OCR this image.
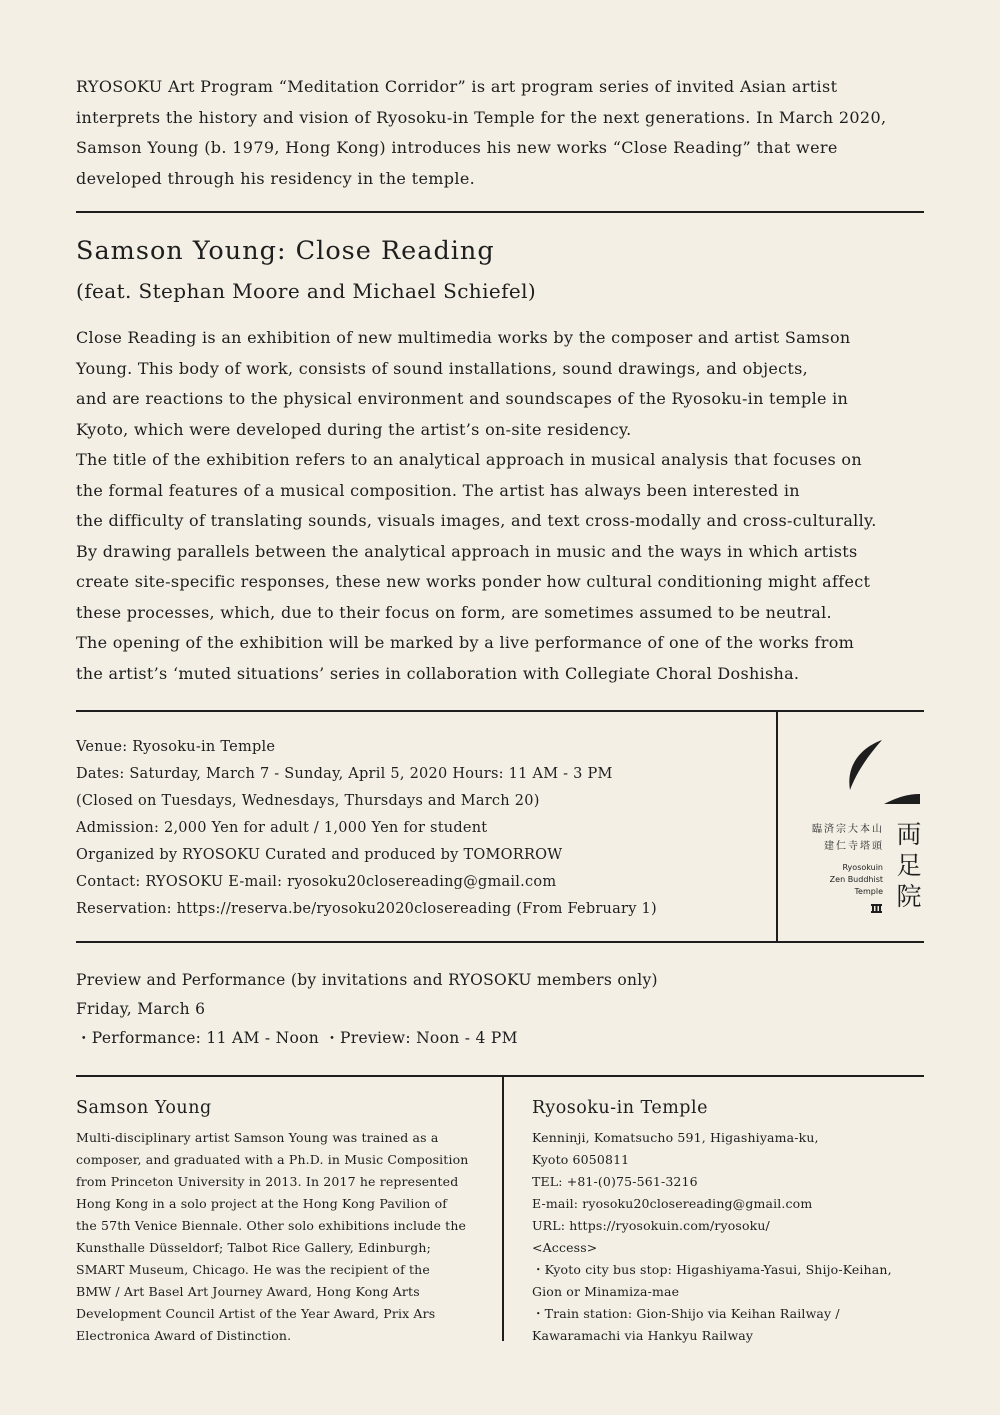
RYOSOKU Art Program “Meditation Corridor” is art program series of invited Asian artist

interprets the history and vision of Ryosoku-in Temple for the next generations. In March 2020,

Samson Young (b. 1979, Hong Kong) introduces his new works “Close Reading” that were

developed through his residency in the temple.

Samson Young: Close Reading
(feat. Stephan Moore and Michael Schiefel)

Close Reading is an exhibition of new multimedia works by the composer and artist Samson

Young. This body of work, consists of sound installations, sound drawings, and objects,

and are reactions to the physical environment and soundscapes of the Ryosoku-in temple in

Kyoto, which were developed during the artist’s on-site residency.

The title of the exhibition refers to an analytical approach in musical analysis that focuses on

the formal features of a musical composition. The artist has always been interested in

the difficulty of translating sounds, visuals images, and text cross-modally and cross-culturally.

By drawing parallels between the analytical approach in music and the ways in which artists

create site-specific responses, these new works ponder how cultural conditioning might affect

these processes, which, due to their focus on form, are sometimes assumed to be neutral.

The opening of the exhibition will be marked by a live performance of one of the works from

the artist’s ‘muted situations’ series in collaboration with Collegiate Choral Doshisha.

Venue: Ryosoku-in Temple

Dates: Saturday, March 7 - Sunday, April 5, 2020 Hours: 11 AM - 3 PM

(Closed on Tuesdays, Wednesdays, Thursdays and March 20)

Admission: 2,000 Yen for adult / 1,000 Yen for student

Organized by RYOSOKU Curated and produced by TOMORROW

Contact: RYOSOKU E-mail: ryosoku20closereading@gmail.com

Reservation: https://reserva.be/ryosoku2020closereading (From February 1)

臨済宗大本山
建仁寺塔頭
Ryosokuin
Zen Buddhist
Temple
両
足
院

Preview and Performance (by invitations and RYOSOKU members only)

Friday, March 6

・Performance: 11 AM - Noon ・Preview: Noon - 4 PM

Samson Young

Multi-disciplinary artist Samson Young was trained as a

composer, and graduated with a Ph.D. in Music Composition

from Princeton University in 2013. In 2017 he represented

Hong Kong in a solo project at the Hong Kong Pavilion of

the 57th Venice Biennale. Other solo exhibitions include the

Kunsthalle Düsseldorf; Talbot Rice Gallery, Edinburgh;

SMART Museum, Chicago. He was the recipient of the

BMW / Art Basel Art Journey Award, Hong Kong Arts

Development Council Artist of the Year Award, Prix Ars

Electronica Award of Distinction.

Ryosoku-in Temple

Kenninji, Komatsucho 591, Higashiyama-ku,

Kyoto 6050811

TEL: +81-(0)75-561-3216

E-mail: ryosoku20closereading@gmail.com

URL: https://ryosokuin.com/ryosoku/

<Access>

・Kyoto city bus stop: Higashiyama-Yasui, Shijo-Keihan,

Gion or Minamiza-mae

・Train station: Gion-Shijo via Keihan Railway /

Kawaramachi via Hankyu Railway
